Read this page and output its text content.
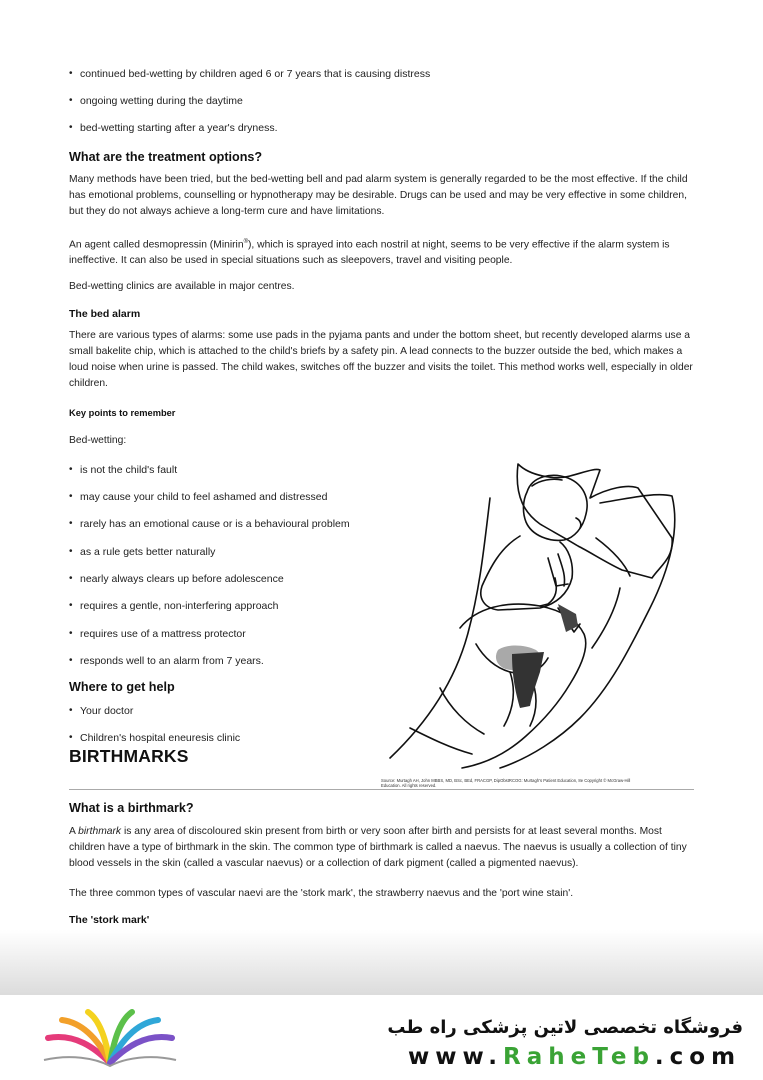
• continued bed-wetting by children aged 6 or 7 years that is causing distress
• ongoing wetting during the daytime
• bed-wetting starting after a year's dryness.
What are the treatment options?

Many methods have been tried, but the bed-wetting bell and pad alarm system is generally regarded to be the most effective. If the child has emotional problems, counselling or hypnotherapy may be desirable. Drugs can be used and may be very effective in some children, but they do not always achieve a long-term cure and have limitations.

An agent called desmopressin (Minirin®), which is sprayed into each nostril at night, seems to be very effective if the alarm system is ineffective. It can also be used in special situations such as sleepovers, travel and visiting people.

Bed-wetting clinics are available in major centres.

The bed alarm

There are various types of alarms: some use pads in the pyjama pants and under the bottom sheet, but recently developed alarms use a small bakelite chip, which is attached to the child's briefs by a safety pin. A lead connects to the buzzer outside the bed, which makes a loud noise when urine is passed. The child wakes, switches off the buzzer and visits the toilet. This method works well, especially in older children.

Key points to remember

Bed-wetting:

• is not the child's fault
• may cause your child to feel ashamed and distressed
• rarely has an emotional cause or is a behavioural problem
• as a rule gets better naturally
• nearly always clears up before adolescence
• requires a gentle, non-interfering approach
• requires use of a mattress protector
• responds well to an alarm from 7 years.
Where to get help
• Your doctor
• Children's hospital eneuresis clinic
Source: Murtagh AH, John MBBS, MD, BSc, BEd, FRACGP, DipObstRCOG: Murtagh's Patient Education, 8e Copyright © McGraw-Hill Education. All rights reserved.
BIRTHMARKS
What is a birthmark?

A birthmark is any area of discoloured skin present from birth or very soon after birth and persists for at least several months. Most children have a type of birthmark in the skin. The common type of birthmark is called a naevus. The naevus is usually a collection of tiny blood vessels in the skin (called a vascular naevus) or a collection of dark pigment (called a pigmented naevus).

The three common types of vascular naevi are the 'stork mark', the strawberry naevus and the 'port wine stain'.

The 'stork mark'
فروشگاه تخصصی لاتین پزشکی راه طب
www.RaheTeb.com
